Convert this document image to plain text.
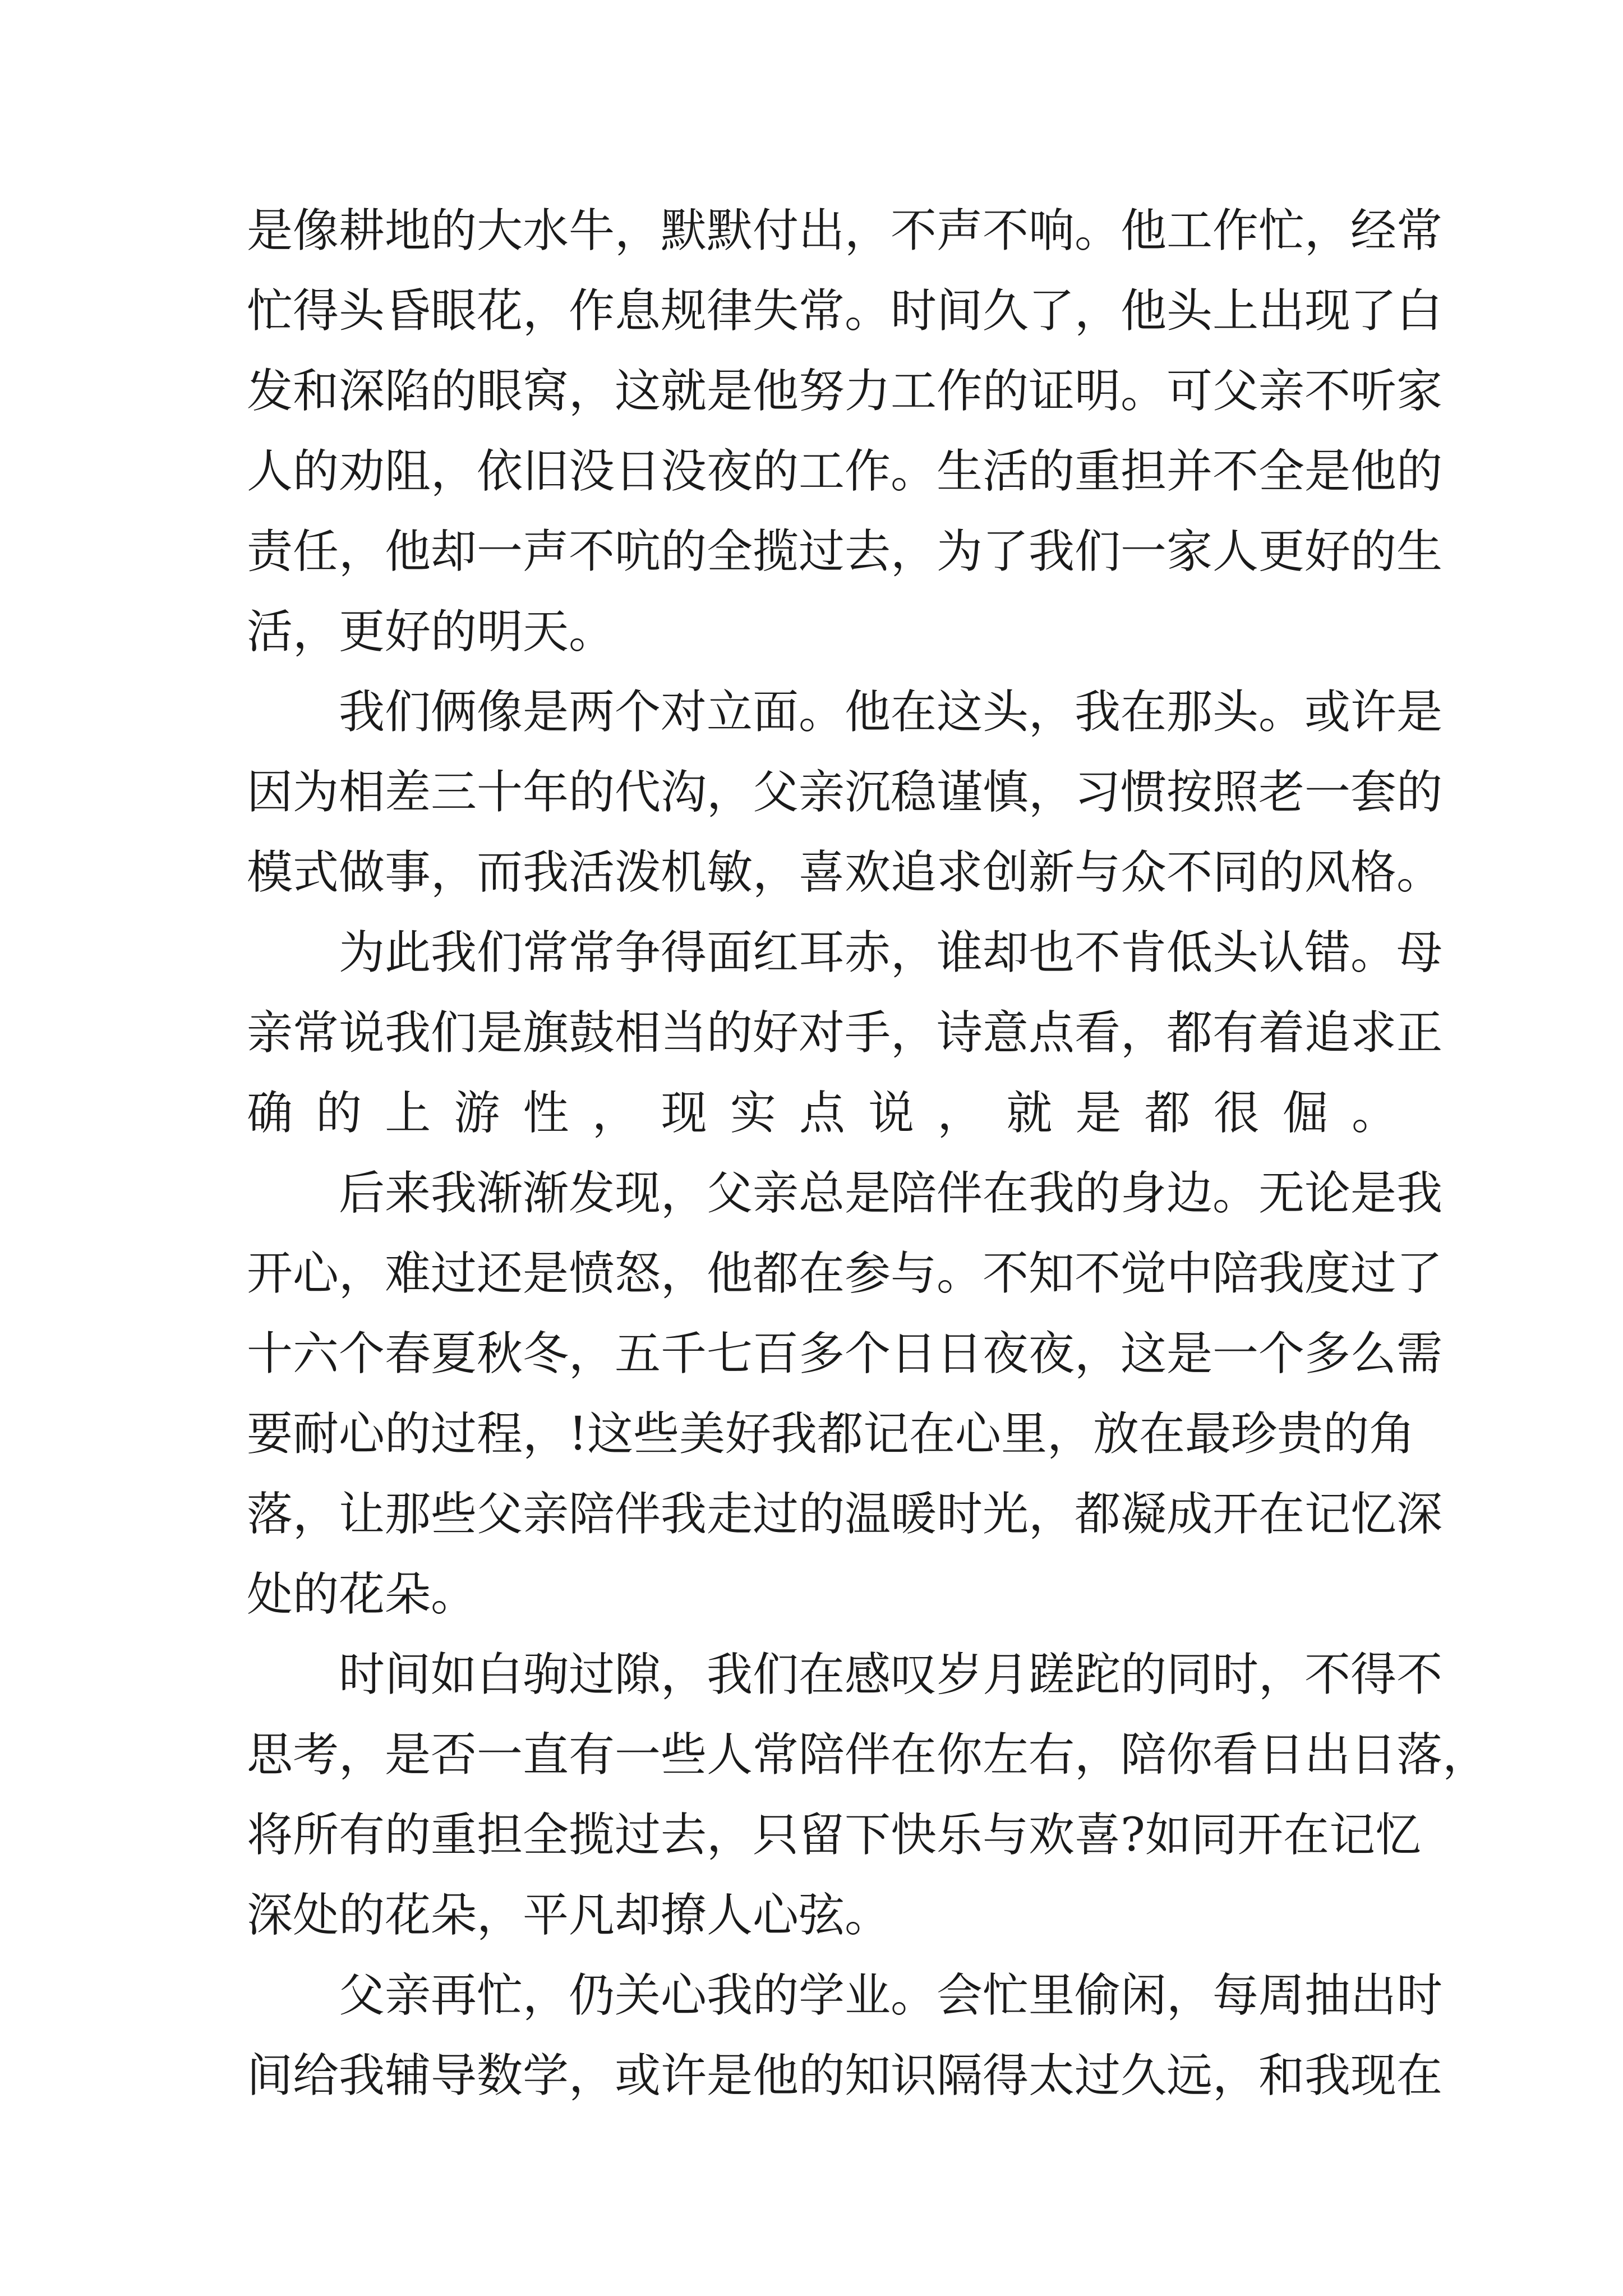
是像耕地的大水牛，默默付出，不声不响。他工作忙，经常
忙得头昏眼花，作息规律失常。时间久了，他头上出现了白
发和深陷的眼窝，这就是他努力工作的证明。可父亲不听家
人的劝阻，依旧没日没夜的工作。生活的重担并不全是他的
责任，他却一声不吭的全揽过去，为了我们一家人更好的生
活，更好的明天。
我们俩像是两个对立面。他在这头，我在那头。或许是
因为相差三十年的代沟，父亲沉稳谨慎，习惯按照老一套的
模式做事，而我活泼机敏，喜欢追求创新与众不同的风格。
为此我们常常争得面红耳赤，谁却也不肯低头认错。母
亲常说我们是旗鼓相当的好对手，诗意点看，都有着追求正
确的上游性，现实点说，就是都很倔。
后来我渐渐发现，父亲总是陪伴在我的身边。无论是我
开心，难过还是愤怒，他都在参与。不知不觉中陪我度过了
十六个春夏秋冬，五千七百多个日日夜夜，这是一个多么需
要耐心的过程，!这些美好我都记在心里，放在最珍贵的角
落，让那些父亲陪伴我走过的温暖时光，都凝成开在记忆深
处的花朵。
时间如白驹过隙，我们在感叹岁月蹉跎的同时，不得不
思考，是否一直有一些人常陪伴在你左右，陪你看日出日落，
将所有的重担全揽过去，只留下快乐与欢喜?如同开在记忆
深处的花朵，平凡却撩人心弦。
父亲再忙，仍关心我的学业。会忙里偷闲，每周抽出时
间给我辅导数学，或许是他的知识隔得太过久远，和我现在
